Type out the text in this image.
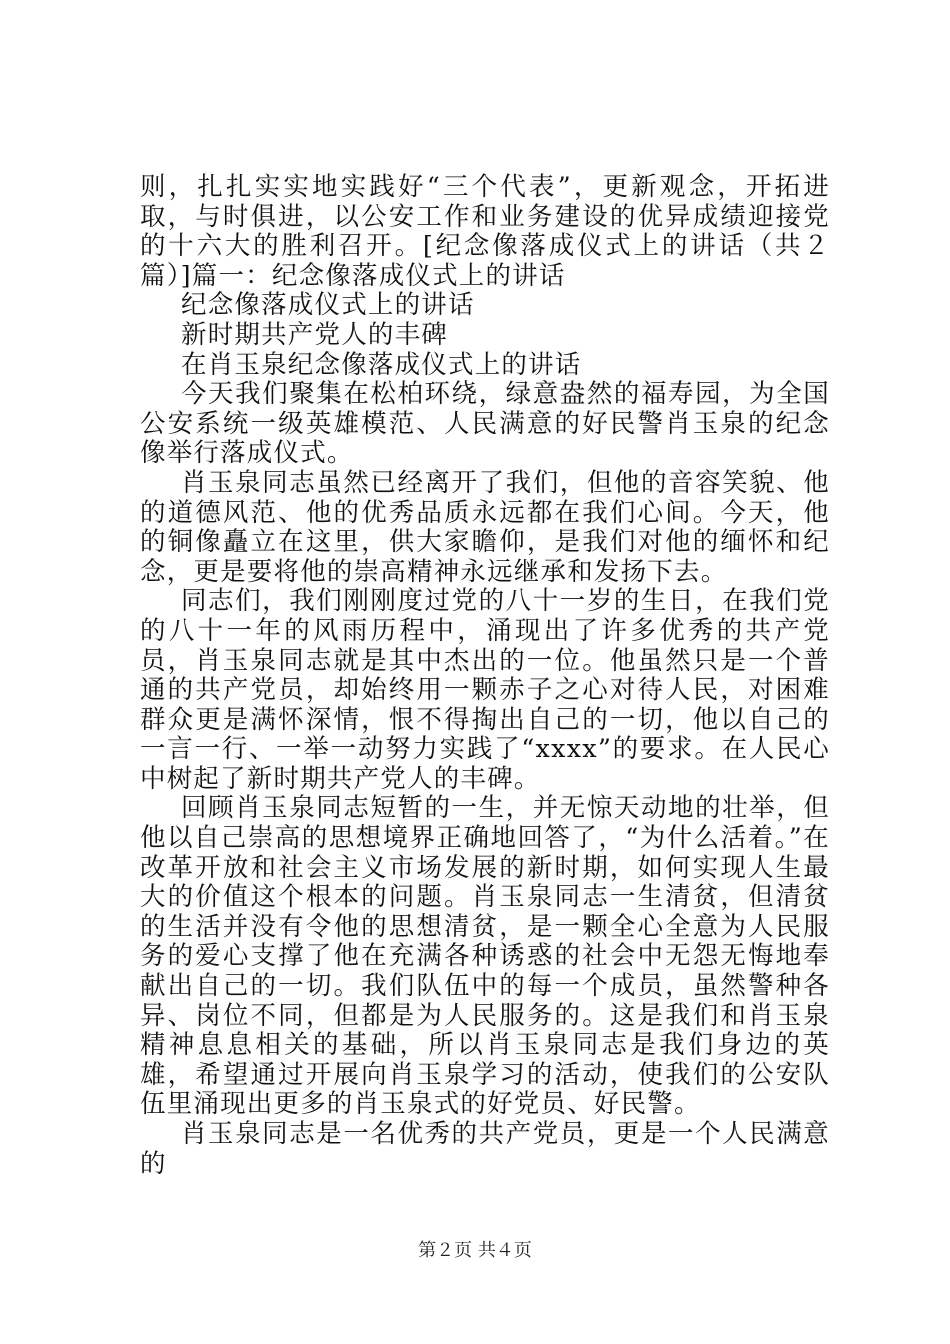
则，扎扎实实地实践好“三个代表”，更新观念，开拓进取，与时俱进，以公安工作和业务建设的优异成绩迎接党的十六大的胜利召开。[纪念像落成仪式上的讲话（共２篇）]篇一：纪念像落成仪式上的讲话

纪念像落成仪式上的讲话

新时期共产党人的丰碑

在肖玉泉纪念像落成仪式上的讲话

今天我们聚集在松柏环绕，绿意盎然的福寿园，为全国公安系统一级英雄模范、人民满意的好民警肖玉泉的纪念像举行落成仪式。

肖玉泉同志虽然已经离开了我们，但他的音容笑貌、他的道德风范、他的优秀品质永远都在我们心间。今天，他的铜像矗立在这里，供大家瞻仰，是我们对他的缅怀和纪念，更是要将他的崇高精神永远继承和发扬下去。

同志们，我们刚刚度过党的八十一岁的生日，在我们党的八十一年的风雨历程中，涌现出了许多优秀的共产党员，肖玉泉同志就是其中杰出的一位。他虽然只是一个普通的共产党员，却始终用一颗赤子之心对待人民，对困难群众更是满怀深情，恨不得掏出自己的一切，他以自己的一言一行、一举一动努力实践了“xxxx”的要求。在人民心中树起了新时期共产党人的丰碑。

回顾肖玉泉同志短暂的一生，并无惊天动地的壮举，但他以自己崇高的思想境界正确地回答了，“为什么活着。”在改革开放和社会主义市场发展的新时期，如何实现人生最大的价值这个根本的问题。肖玉泉同志一生清贫，但清贫的生活并没有令他的思想清贫，是一颗全心全意为人民服务的爱心支撑了他在充满各种诱惑的社会中无怨无悔地奉献出自己的一切。我们队伍中的每一个成员，虽然警种各异、岗位不同，但都是为人民服务的。这是我们和肖玉泉精神息息相关的基础，所以肖玉泉同志是我们身边的英雄，希望通过开展向肖玉泉学习的活动，使我们的公安队伍里涌现出更多的肖玉泉式的好党员、好民警。

肖玉泉同志是一名优秀的共产党员，更是一个人民满意的

第２页 共４页
